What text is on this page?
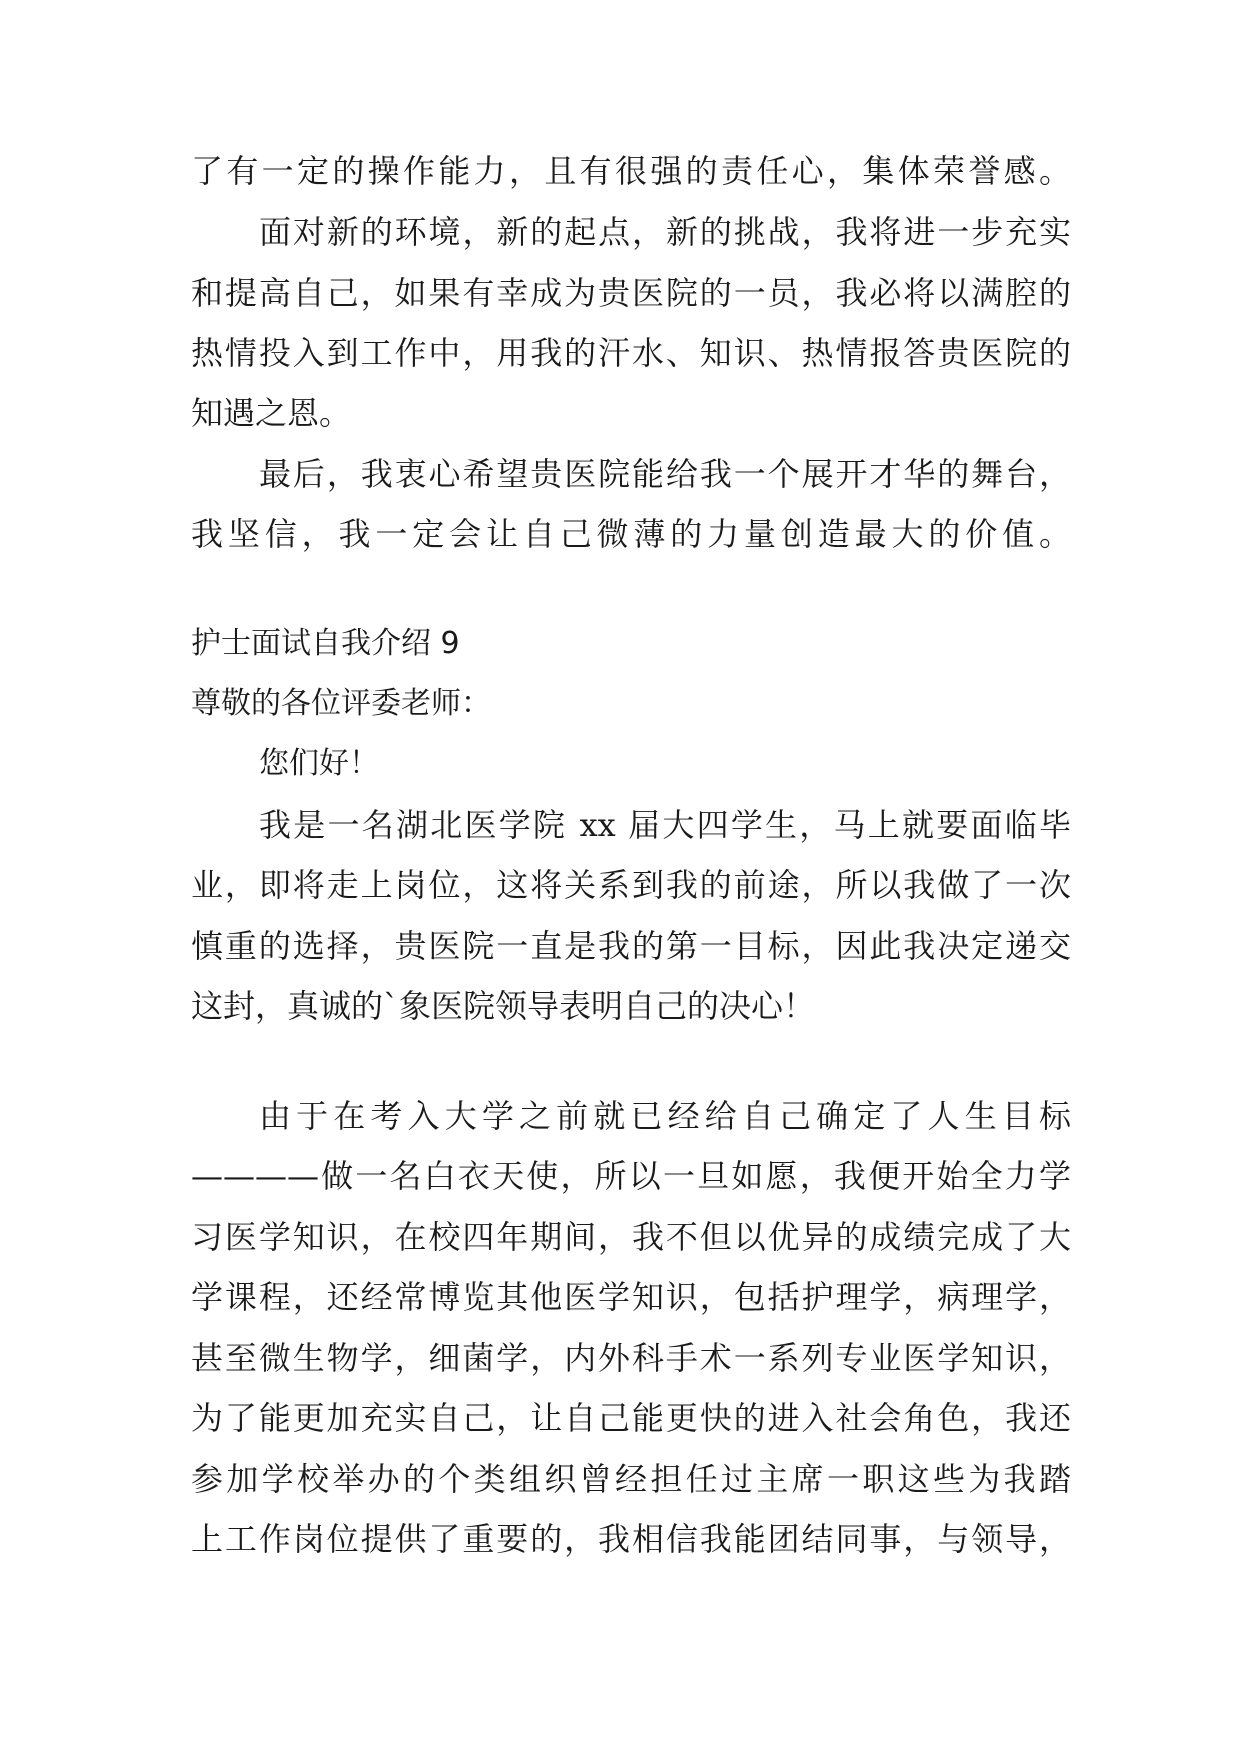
了有一定的操作能力，且有很强的责任心，集体荣誉感。
面对新的环境，新的起点，新的挑战，我将进一步充实
和提高自己，如果有幸成为贵医院的一员，我必将以满腔的
热情投入到工作中，用我的汗水、知识、热情报答贵医院的
知遇之恩。
最后，我衷心希望贵医院能给我一个展开才华的舞台，
我坚信，我一定会让自己微薄的力量创造最大的价值。
护士面试自我介绍 9
尊敬的各位评委老师：
您们好！
我是一名湖北医学院 xx 届大四学生，马上就要面临毕
业，即将走上岗位，这将关系到我的前途，所以我做了一次
慎重的选择，贵医院一直是我的第一目标，因此我决定递交
这封，真诚的`象医院领导表明自己的决心！
由于在考入大学之前就已经给自己确定了人生目标
————做一名白衣天使，所以一旦如愿，我便开始全力学
习医学知识，在校四年期间，我不但以优异的成绩完成了大
学课程，还经常博览其他医学知识，包括护理学，病理学，
甚至微生物学，细菌学，内外科手术一系列专业医学知识，
为了能更加充实自己，让自己能更快的进入社会角色，我还
参加学校举办的个类组织曾经担任过主席一职这些为我踏
上工作岗位提供了重要的，我相信我能团结同事，与领导，
